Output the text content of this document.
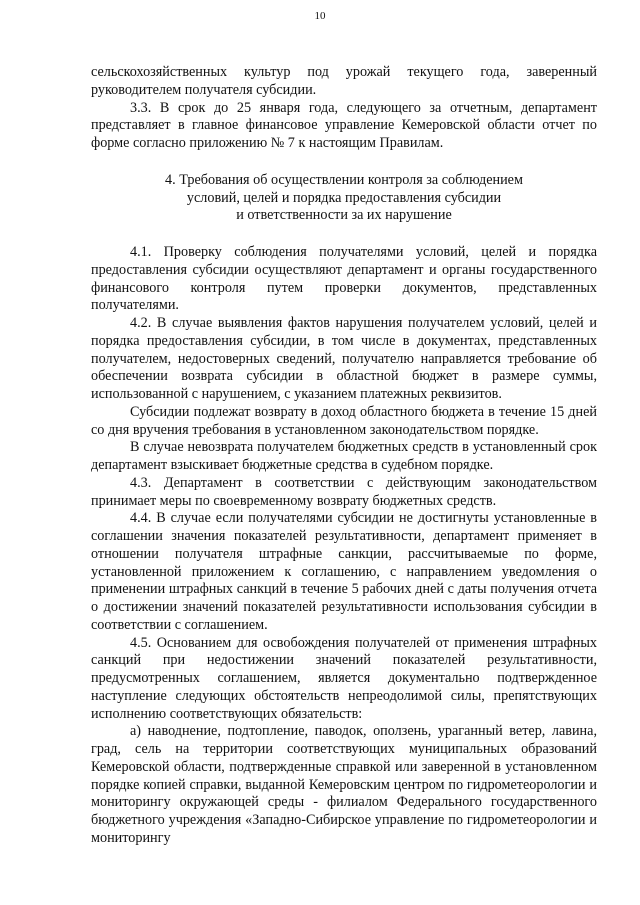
10

сельскохозяйственных культур под урожай текущего года, заверенный руководителем получателя субсидии.

3.3. В срок до 25 января года, следующего за отчетным, департамент представляет в главное финансовое управление Кемеровской области отчет по форме согласно приложению № 7 к настоящим Правилам.

4. Требования об осуществлении контроля за соблюдением
условий, целей и порядка предоставления субсидии
и ответственности за их нарушение

4.1. Проверку соблюдения получателями условий, целей и порядка предоставления субсидии осуществляют департамент и органы государственного финансового контроля путем проверки документов, представленных получателями.

4.2. В случае выявления фактов нарушения получателем условий, целей и порядка предоставления субсидии, в том числе в документах, представленных получателем, недостоверных сведений, получателю направляется требование об обеспечении возврата субсидии в областной бюджет в размере суммы, использованной с нарушением, с указанием платежных реквизитов.

Субсидии подлежат возврату в доход областного бюджета в течение 15 дней со дня вручения требования в установленном законодательством порядке.

В случае невозврата получателем бюджетных средств в установленный срок департамент взыскивает бюджетные средства в судебном порядке.

4.3. Департамент в соответствии с действующим законодательством принимает меры по своевременному возврату бюджетных средств.

4.4. В случае если получателями субсидии не достигнуты установленные в соглашении значения показателей результативности, департамент применяет в отношении получателя штрафные санкции, рассчитываемые по форме, установленной приложением к соглашению, с направлением уведомления о применении штрафных санкций в течение 5 рабочих дней с даты получения отчета о достижении значений показателей результативности использования субсидии в соответствии с соглашением.

4.5. Основанием для освобождения получателей от применения штрафных санкций при недостижении значений показателей результативности, предусмотренных соглашением, является документально подтвержденное наступление следующих обстоятельств непреодолимой силы, препятствующих исполнению соответствующих обязательств:

а) наводнение, подтопление, паводок, оползень, ураганный ветер, лавина, град, сель на территории соответствующих муниципальных образований Кемеровской области, подтвержденные справкой или заверенной в установленном порядке копией справки, выданной Кемеровским центром по гидрометеорологии и мониторингу окружающей среды - филиалом Федерального государственного бюджетного учреждения «Западно-Сибирское управление по гидрометеорологии и мониторингу
